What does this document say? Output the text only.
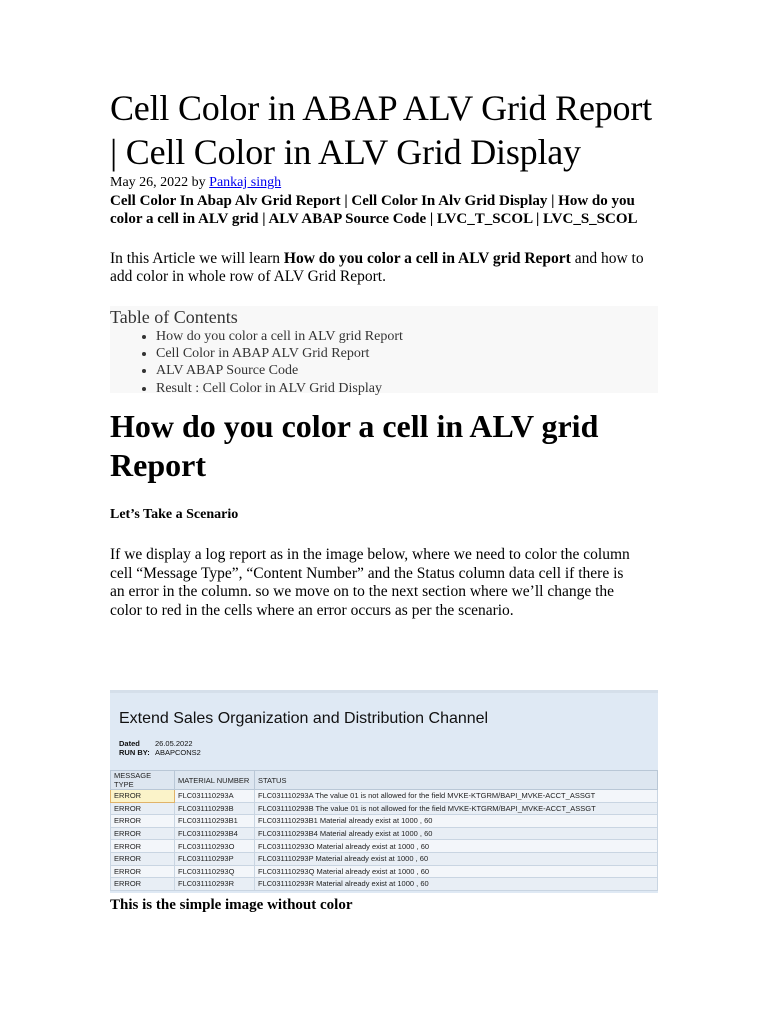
Cell Color in ABAP ALV Grid Report | Cell Color in ALV Grid Display
May 26, 2022 by Pankaj singh
Cell Color In Abap Alv Grid Report | Cell Color In Alv Grid Display | How do you color a cell in ALV grid | ALV ABAP Source Code | LVC_T_SCOL | LVC_S_SCOL
In this Article we will learn How do you color a cell in ALV grid Report and how to add color in whole row of ALV Grid Report.
Table of Contents
• How do you color a cell in ALV grid Report
• Cell Color in ABAP ALV Grid Report
• ALV ABAP Source Code
• Result : Cell Color in ALV Grid Display
How do you color a cell in ALV grid Report
Let’s Take a Scenario
If we display a log report as in the image below, where we need to color the column cell “Message Type”, “Content Number” and the Status column data cell if there is an error in the column. so we move on to the next section where we’ll change the color to red in the cells where an error occurs as per the scenario.
Extend Sales Organization and Distribution Channel
Dated 26.05.2022
RUN BY: ABAPCONS2
MESSAGE TYPE	MATERIAL NUMBER	STATUS
ERROR	FLC031110293A	FLC031110293A The value 01 is not allowed for the field MVKE-KTGRM/BAPI_MVKE-ACCT_ASSGT
ERROR	FLC031110293B	FLC031110293B The value 01 is not allowed for the field MVKE-KTGRM/BAPI_MVKE-ACCT_ASSGT
ERROR	FLC031110293B1	FLC031110293B1 Material already exist at 1000 , 60
ERROR	FLC031110293B4	FLC031110293B4 Material already exist at 1000 , 60
ERROR	FLC031110293O	FLC031110293O Material already exist at 1000 , 60
ERROR	FLC031110293P	FLC031110293P Material already exist at 1000 , 60
ERROR	FLC031110293Q	FLC031110293Q Material already exist at 1000 , 60
ERROR	FLC031110293R	FLC031110293R Material already exist at 1000 , 60
This is the simple image without color
